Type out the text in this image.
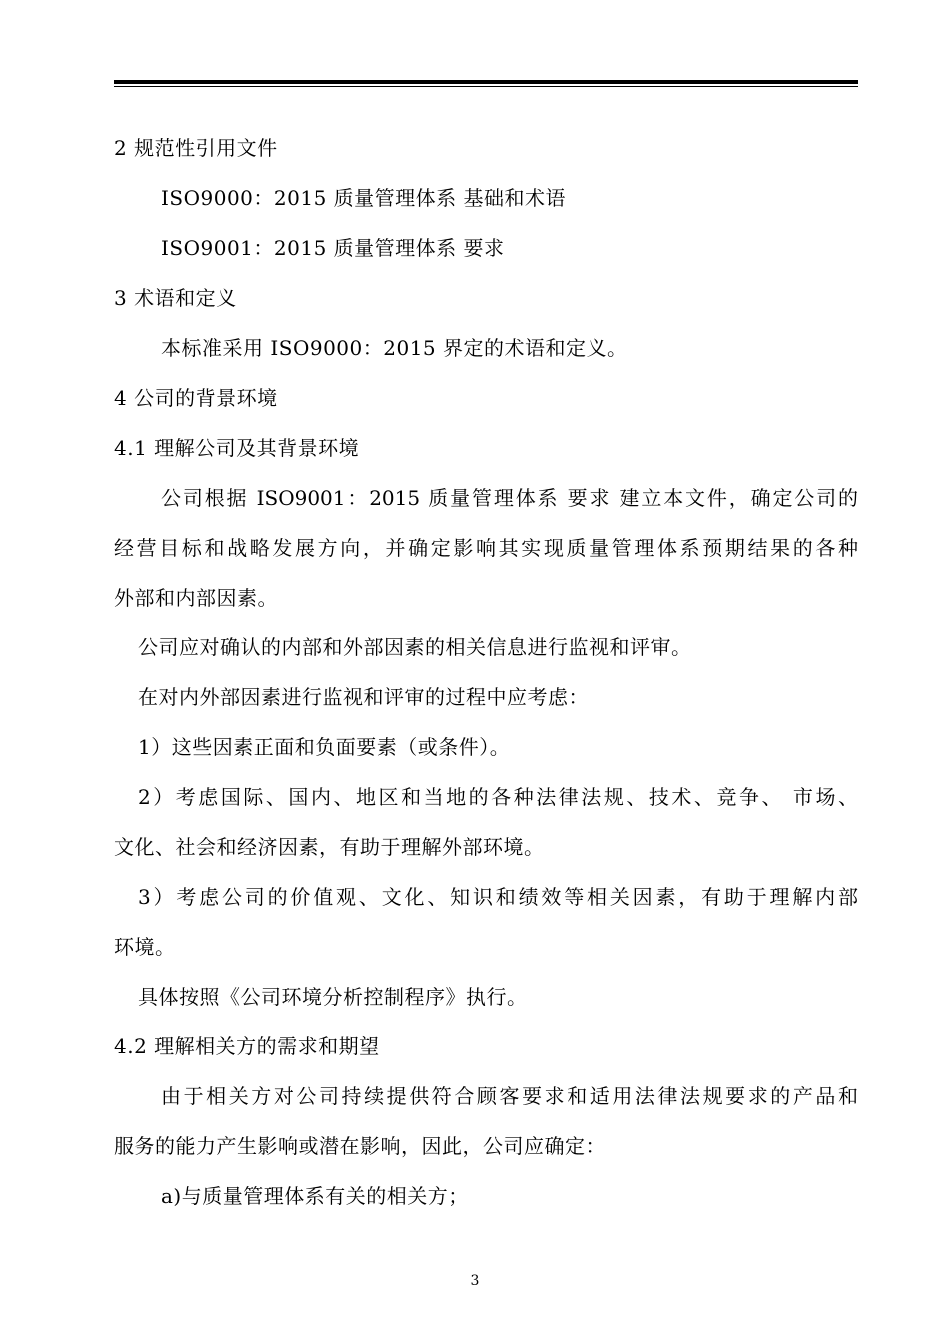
2 规范性引用文件
ISO9000：2015 质量管理体系 基础和术语
ISO9001：2015 质量管理体系 要求
3 术语和定义
本标准采用 ISO9000：2015 界定的术语和定义。
4 公司的背景环境
4.1 理解公司及其背景环境
公司根据 ISO9001：2015 质量管理体系 要求 建立本文件，确定公司的
经营目标和战略发展方向，并确定影响其实现质量管理体系预期结果的各种
外部和内部因素。
公司应对确认的内部和外部因素的相关信息进行监视和评审。
在对内外部因素进行监视和评审的过程中应考虑：
1）这些因素正面和负面要素（或条件）。
2）考虑国际、国内、地区和当地的各种法律法规、技术、竞争、 市场、
文化、社会和经济因素，有助于理解外部环境。
3）考虑公司的价值观、文化、知识和绩效等相关因素，有助于理解内部
环境。
具体按照《公司环境分析控制程序》执行。
4.2 理解相关方的需求和期望
由于相关方对公司持续提供符合顾客要求和适用法律法规要求的产品和
服务的能力产生影响或潜在影响，因此，公司应确定：
a)与质量管理体系有关的相关方；
3
